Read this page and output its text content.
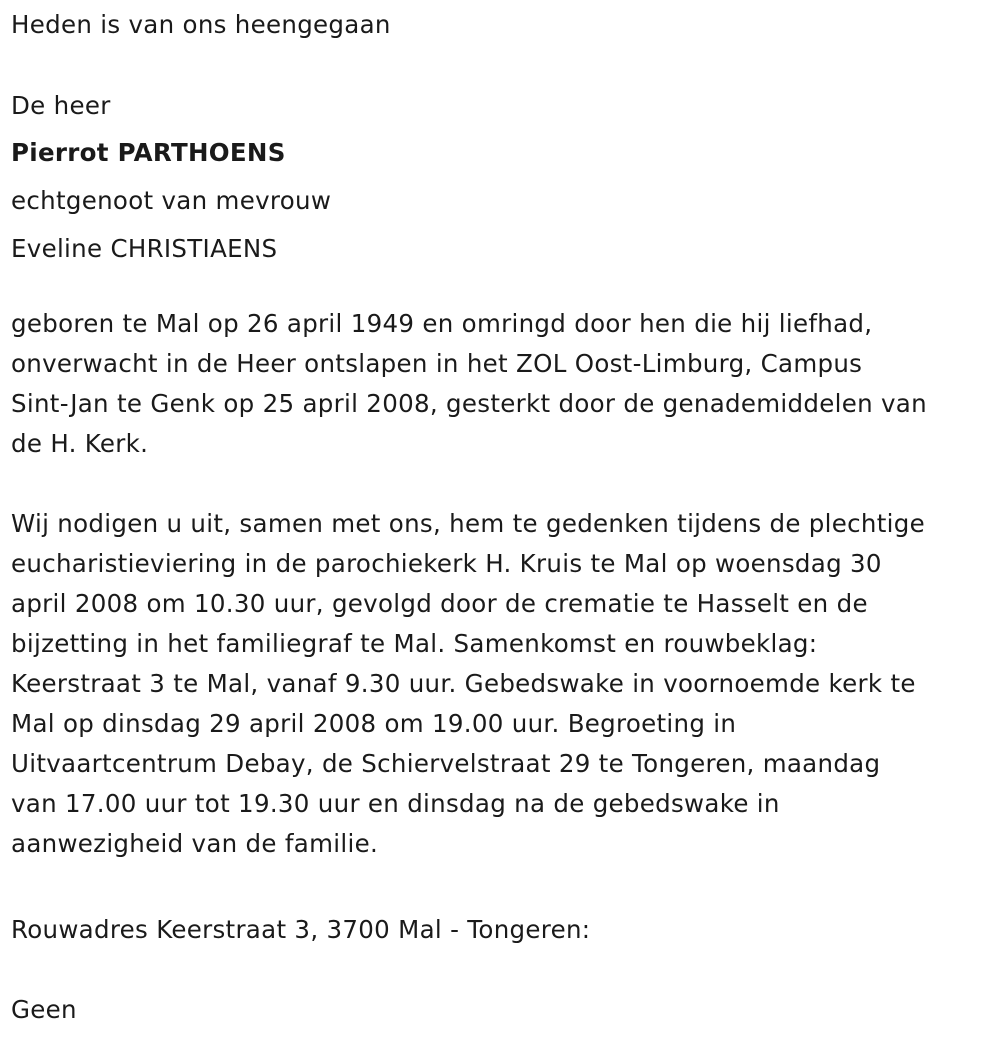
Heden is van ons heengegaan
De heer
Pierrot PARTHOENS
echtgenoot van mevrouw
Eveline CHRISTIAENS
geboren te Mal op 26 april 1949 en omringd door hen die hij liefhad,
onverwacht in de Heer ontslapen in het ZOL Oost-Limburg, Campus
Sint-Jan te Genk op 25 april 2008, gesterkt door de genademiddelen van
de H. Kerk.
Wij nodigen u uit, samen met ons, hem te gedenken tijdens de plechtige
eucharistieviering in de parochiekerk H. Kruis te Mal op woensdag 30
april 2008 om 10.30 uur, gevolgd door de crematie te Hasselt en de
bijzetting in het familiegraf te Mal. Samenkomst en rouwbeklag:
Keerstraat 3 te Mal, vanaf 9.30 uur. Gebedswake in voornoemde kerk te
Mal op dinsdag 29 april 2008 om 19.00 uur. Begroeting in
Uitvaartcentrum Debay, de Schiervelstraat 29 te Tongeren, maandag
van 17.00 uur tot 19.30 uur en dinsdag na de gebedswake in
aanwezigheid van de familie.
Rouwadres Keerstraat 3, 3700 Mal - Tongeren:
Geen
